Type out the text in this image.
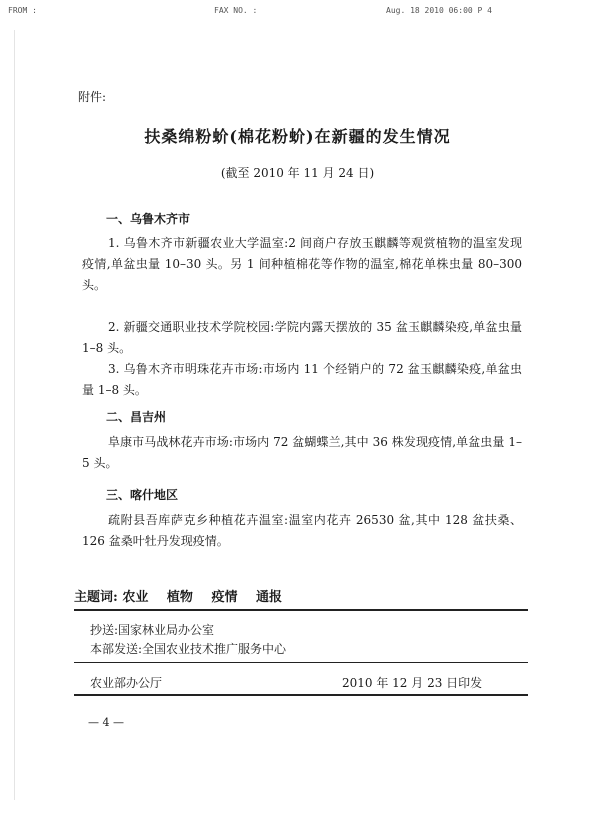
FROM :	FAX NO. :	Aug. 18 2010 06:00 P 4
附件:
扶桑绵粉蚧(棉花粉蚧)在新疆的发生情况
(截至 2010 年 11 月 24 日)
一、乌鲁木齐市
1. 乌鲁木齐市新疆农业大学温室:2 间商户存放玉麒麟等观赏植物的温室发现疫情,单盆虫量 10–30 头。另 1 间种植棉花等作物的温室,棉花单株虫量 80–300 头。
2. 新疆交通职业技术学院校园:学院内露天摆放的 35 盆玉麒麟染疫,单盆虫量 1–8 头。
3. 乌鲁木齐市明珠花卉市场:市场内 11 个经销户的 72 盆玉麒麟染疫,单盆虫量 1–8 头。
二、昌吉州
阜康市马战林花卉市场:市场内 72 盆蝴蝶兰,其中 36 株发现疫情,单盆虫量 1–5 头。
三、喀什地区
疏附县吾库萨克乡种植花卉温室:温室内花卉 26530 盆,其中 128 盆扶桑、126 盆桑叶牡丹发现疫情。
主题词: 农业 植物 疫情 通报
抄送:国家林业局办公室
本部发送:全国农业技术推广服务中心
农业部办公厅	2010 年 12 月 23 日印发
— 4 —
